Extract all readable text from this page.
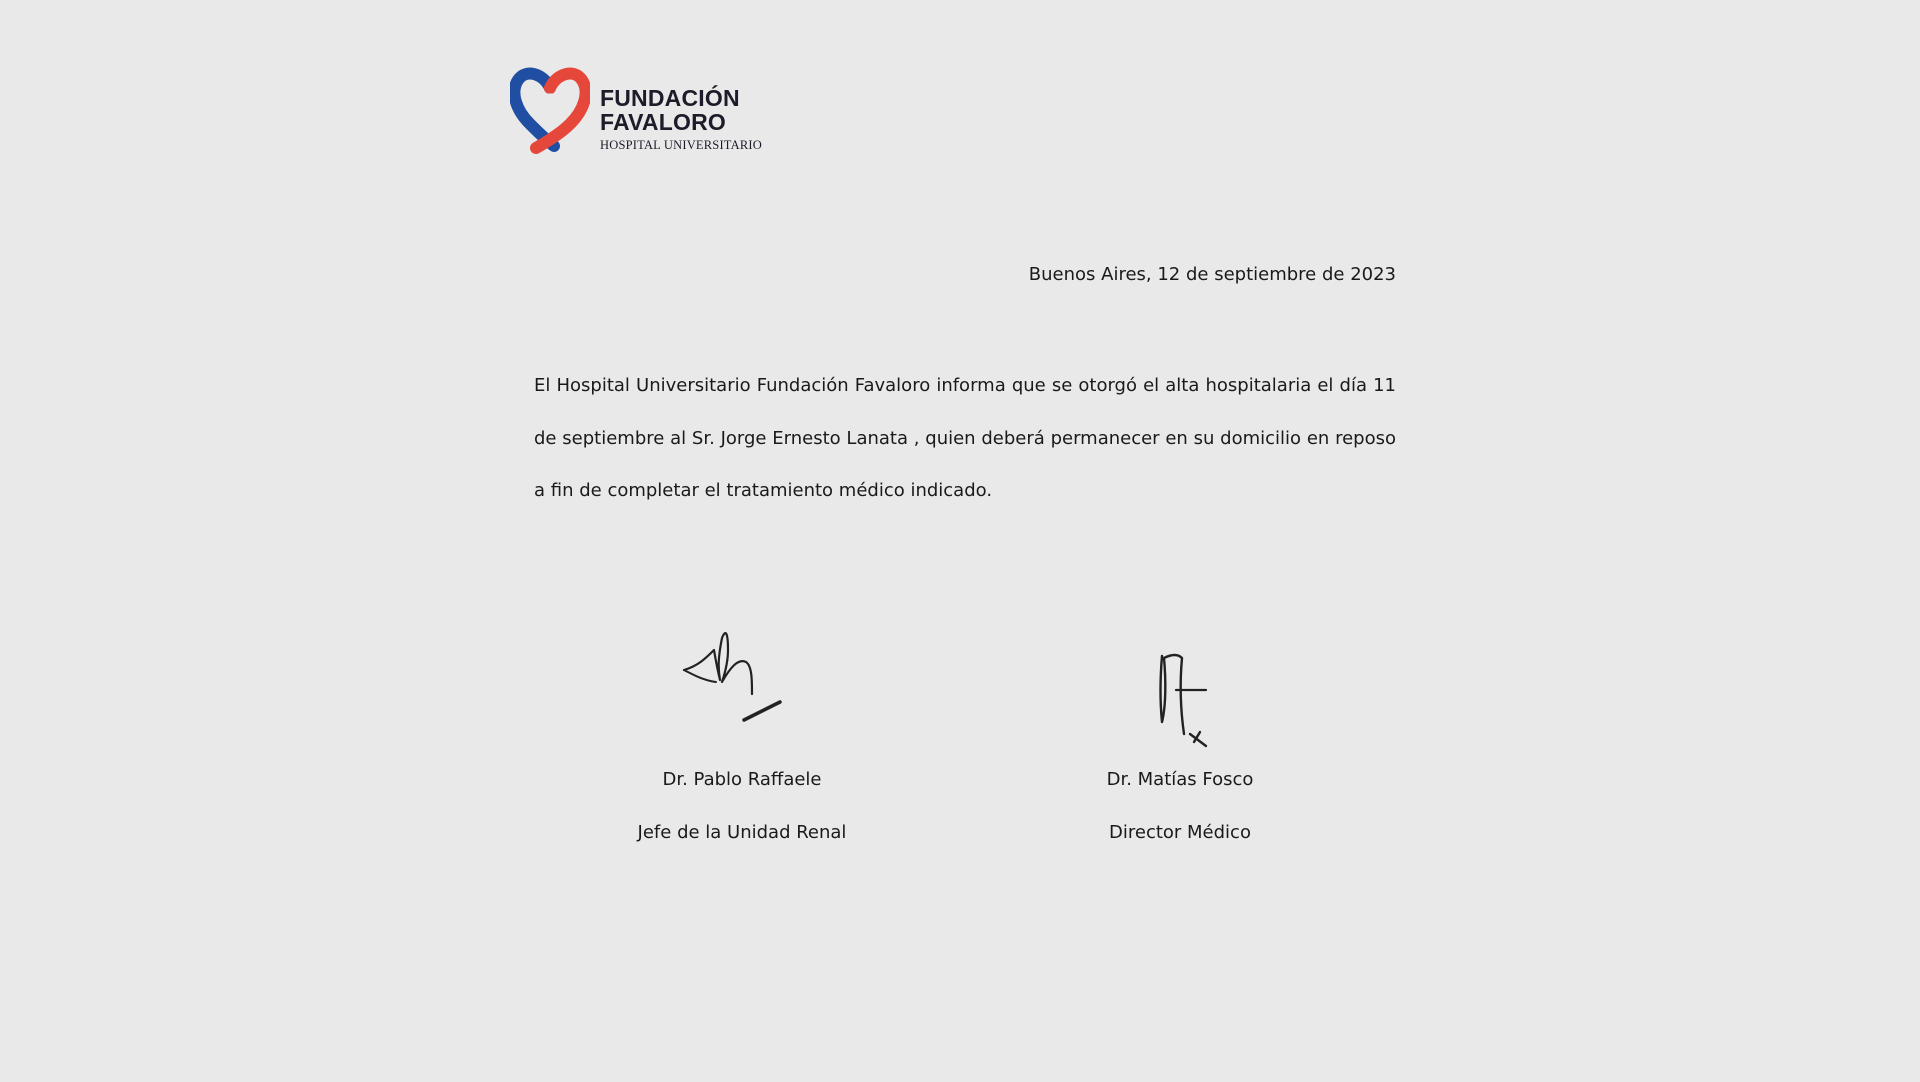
FUNDACIÓN
FAVALORO
HOSPITAL UNIVERSITARIO
Buenos Aires, 12 de septiembre de 2023
El Hospital Universitario Fundación Favaloro informa que se otorgó el alta hospitalaria el día 11 de septiembre al Sr. Jorge Ernesto Lanata , quien deberá permanecer en su domicilio en reposo a fin de completar el tratamiento médico indicado.
Dr. Pablo Raffaele
Jefe de la Unidad Renal
Dr. Matías Fosco
Director Médico
